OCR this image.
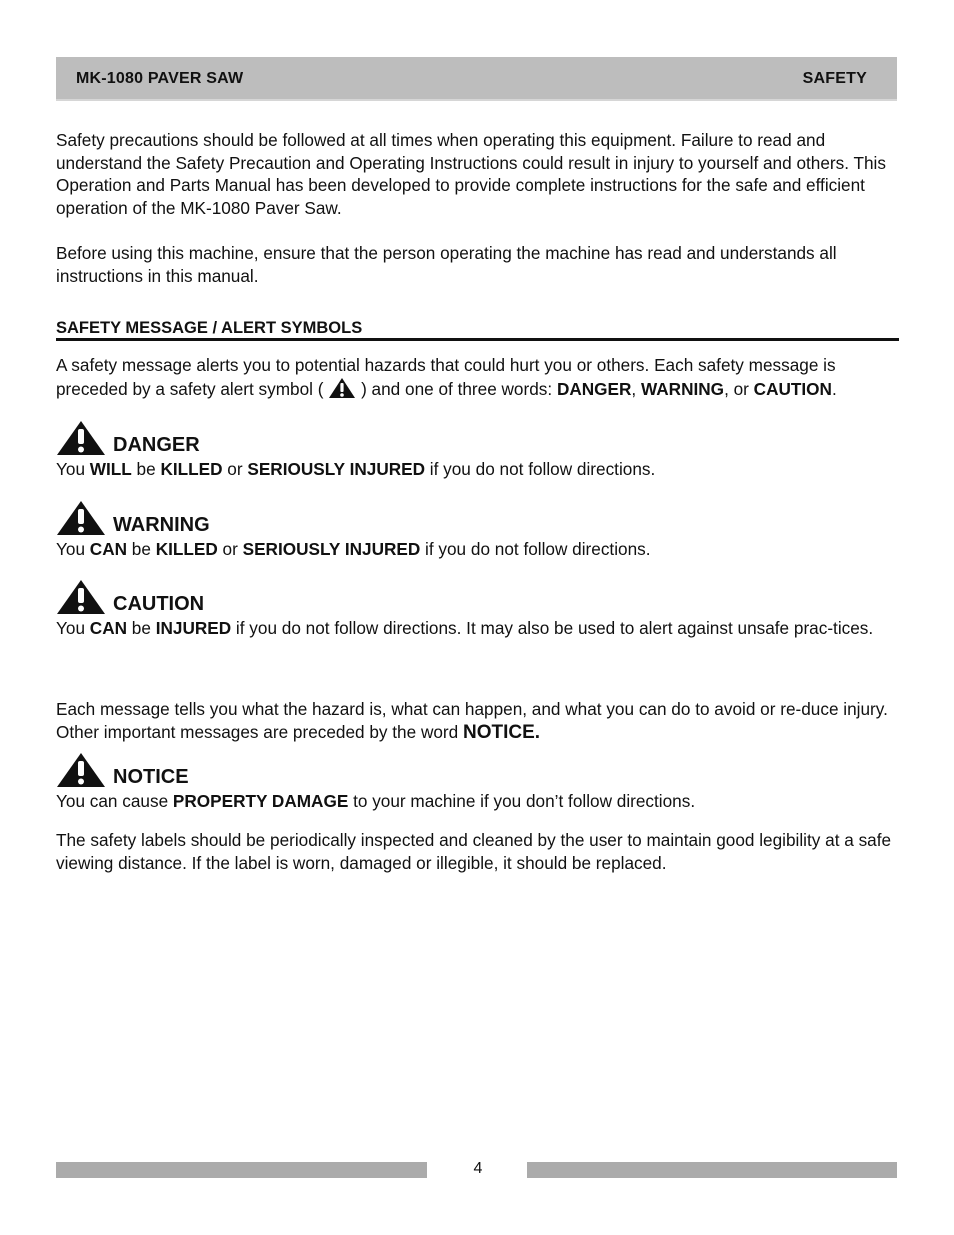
MK-1080 PAVER SAW	SAFETY

Safety precautions should be followed at all times when operating this equipment. Failure to read and understand the Safety Precaution and Operating Instructions could result in injury to yourself and others. This Operation and Parts Manual has been developed to provide complete instructions for the safe and efficient operation of the MK-1080 Paver Saw.

Before using this machine, ensure that the person operating the machine has read and understands all instructions in this manual.

SAFETY MESSAGE / ALERT SYMBOLS

A safety message alerts you to potential hazards that could hurt you or others. Each safety message is preceded by a safety alert symbol ( ) and one of three words: DANGER, WARNING, or CAUTION.

DANGER

You WILL be KILLED or SERIOUSLY INJURED if you do not follow directions.

WARNING

You CAN be KILLED or SERIOUSLY INJURED if you do not follow directions.

CAUTION

You CAN be INJURED if you do not follow directions. It may also be used to alert against unsafe prac-tices.

Each message tells you what the hazard is, what can happen, and what you can do to avoid or re-duce injury. Other important messages are preceded by the word NOTICE.

NOTICE

You can cause PROPERTY DAMAGE to your machine if you don’t follow directions.

The safety labels should be periodically inspected and cleaned by the user to maintain good legibility at a safe viewing distance. If the label is worn, damaged or illegible, it should be replaced.

4
